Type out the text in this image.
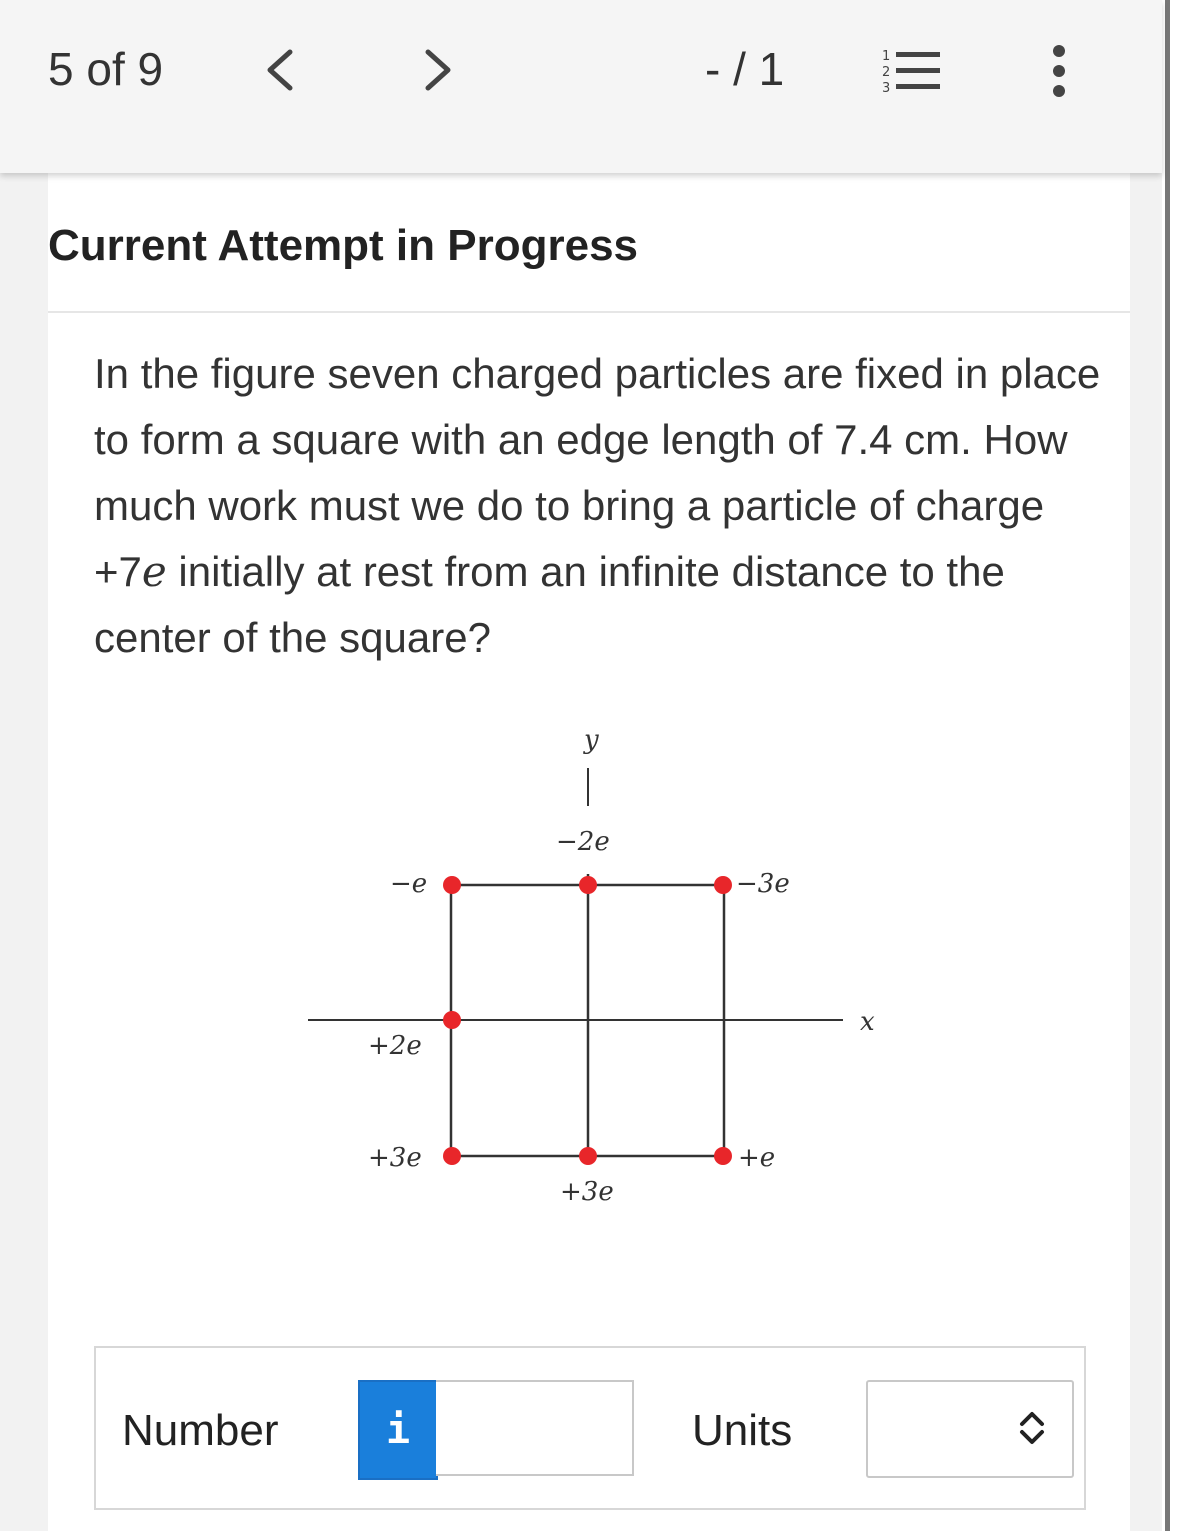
5 of 9	- / 1	1
2
3
Current Attempt in Progress
In the figure seven charged particles are fixed in place to form a square with an edge length of 7.4 cm. How much work must we do to bring a particle of charge +7e initially at rest from an infinite distance to the center of the square?
y
x
−e
−2e
−3e
+2e
+3e
+3e
+e
Number	i	Units
